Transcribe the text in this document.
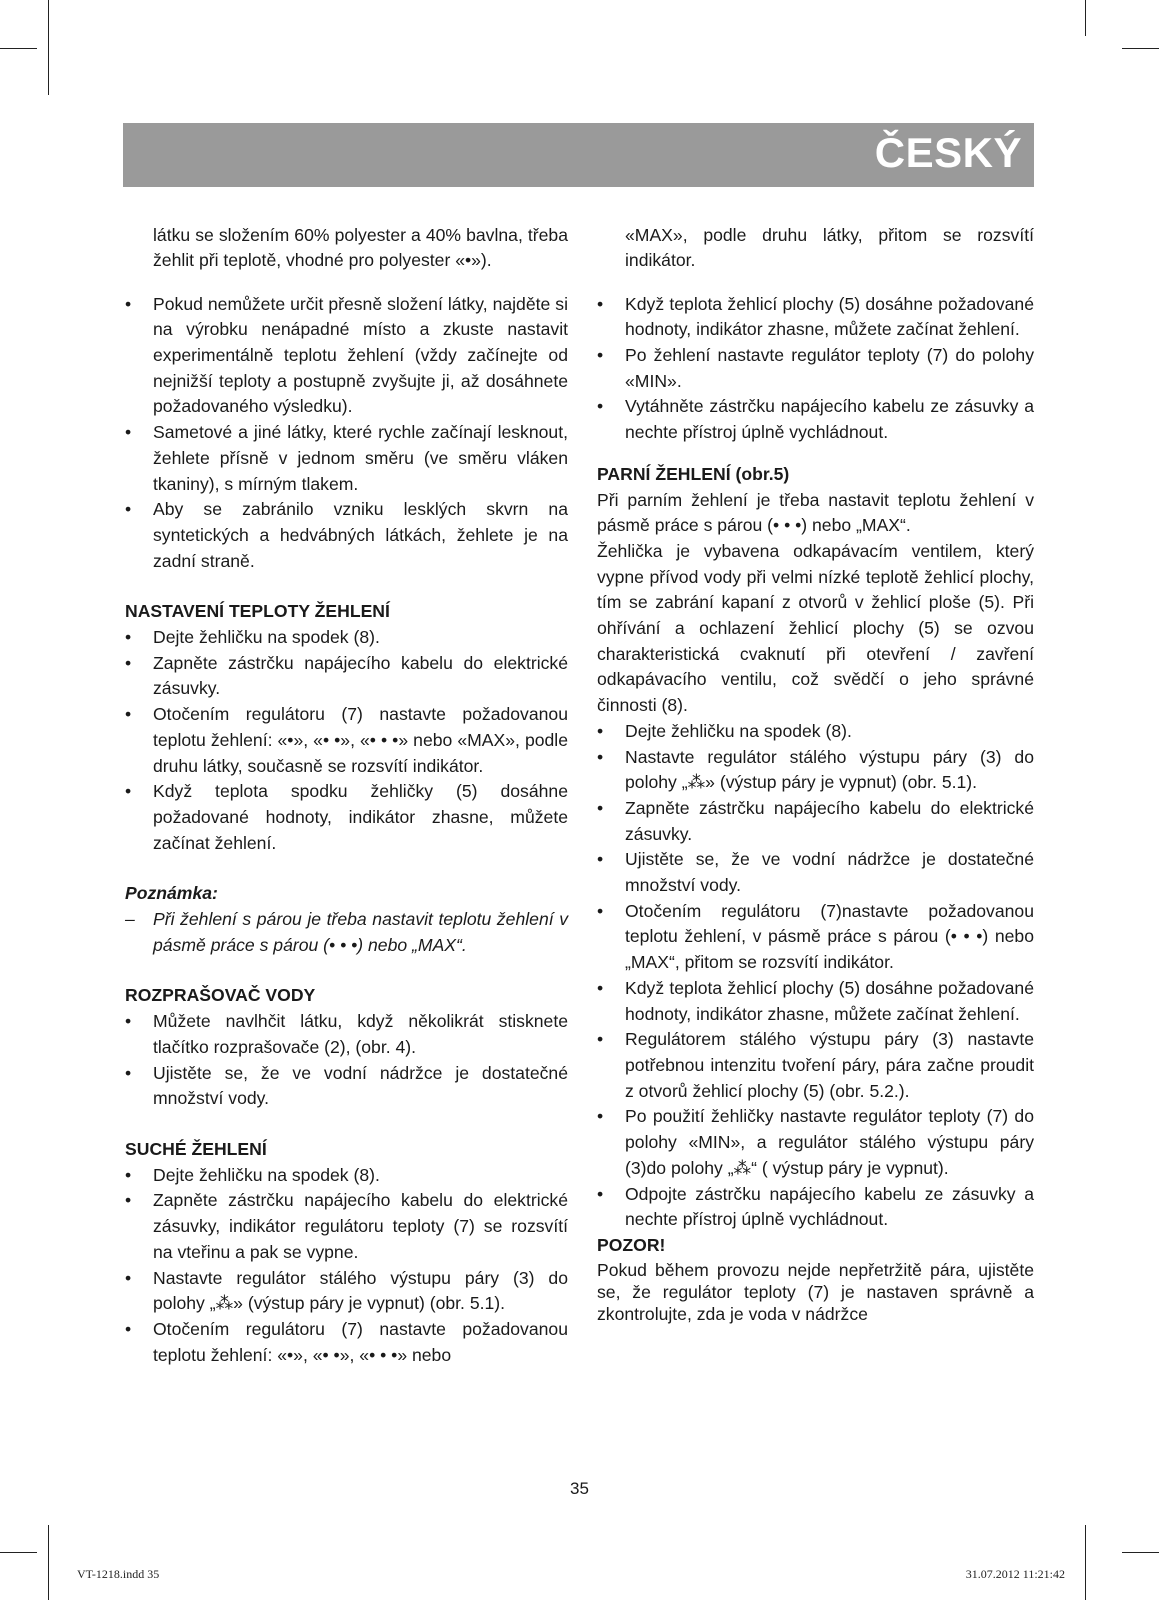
ČESKÝ

látku se složením 60% polyester a 40% bavlna, třeba žehlit při teplotě, vhodné pro polyester «•»).

• Pokud nemůžete určit přesně složení látky, najděte si na výrobku nenápadné místo a zkuste nastavit experimentálně teplotu žehlení (vždy začínejte od nejnižší teploty a postupně zvyšujte ji, až dosáhnete požadovaného výsledku).
• Sametové a jiné látky, které rychle začínají lesknout, žehlete přísně v jednom směru (ve směru vláken tkaniny), s mírným tlakem.
• Aby se zabránilo vzniku lesklých skvrn na syntetických a hedvábných látkách, žehlete je na zadní straně.

NASTAVENÍ TEPLOTY ŽEHLENÍ

• Dejte žehličku na spodek (8).
• Zapněte zástrčku napájecího kabelu do elektrické zásuvky.
• Otočením regulátoru (7) nastavte požadovanou teplotu žehlení: «•», «• •», «• • •» nebo «MAX», podle druhu látky, současně se rozsvítí indikátor.
• Když teplota spodku žehličky (5) dosáhne požadované hodnoty, indikátor zhasne, můžete začínat žehlení.

Poznámka:

– Při žehlení s párou je třeba nastavit teplotu žehlení v pásmě práce s párou (• • •) nebo „MAX“.

ROZPRAŠOVAČ VODY

• Můžete navlhčit látku, když několikrát stisknete tlačítko rozprašovače (2), (obr. 4).
• Ujistěte se, že ve vodní nádržce je dostatečné množství vody.

SUCHÉ ŽEHLENÍ

• Dejte žehličku na spodek (8).
• Zapněte zástrčku napájecího kabelu do elektrické zásuvky, indikátor regulátoru teploty (7) se rozsvítí na vteřinu a pak se vypne.
• Nastavte regulátor stálého výstupu páry (3) do polohy „⁂» (výstup páry je vypnut) (obr. 5.1).
• Otočením regulátoru (7) nastavte požadovanou teplotu žehlení: «•», «• •», «• • •» nebo

«MAX», podle druhu látky, přitom se rozsvítí indikátor.

• Když teplota žehlicí plochy (5) dosáhne požadované hodnoty, indikátor zhasne, můžete začínat žehlení.
• Po žehlení nastavte regulátor teploty (7) do polohy «MIN».
• Vytáhněte zástrčku napájecího kabelu ze zásuvky a nechte přístroj úplně vychládnout.

PARNÍ ŽEHLENÍ (obr.5)

Při parním žehlení je třeba nastavit teplotu žehlení v pásmě práce s párou (• • •) nebo „MAX“.

Žehlička je vybavena odkapávacím ventilem, který vypne přívod vody při velmi nízké teplotě žehlicí plochy, tím se zabrání kapaní z otvorů v žehlicí ploše (5). Při ohřívání a ochlazení žehlicí plochy (5) se ozvou charakteristická cvaknutí při otevření / zavření odkapávacího ventilu, což svědčí o jeho správné činnosti (8).

• Dejte žehličku na spodek (8).
• Nastavte regulátor stálého výstupu páry (3) do polohy „⁂» (výstup páry je vypnut) (obr. 5.1).
• Zapněte zástrčku napájecího kabelu do elektrické zásuvky.
• Ujistěte se, že ve vodní nádržce je dostatečné množství vody.
• Otočením regulátoru (7)nastavte požadovanou teplotu žehlení, v pásmě práce s párou (• • •) nebo „MAX“, přitom se rozsvítí indikátor.
• Když teplota žehlicí plochy (5) dosáhne požadované hodnoty, indikátor zhasne, můžete začínat žehlení.
• Regulátorem stálého výstupu páry (3) nastavte potřebnou intenzitu tvoření páry, pára začne proudit z otvorů žehlicí plochy (5) (obr. 5.2.).
• Po použití žehličky nastavte regulátor teploty (7) do polohy «MIN», a regulátor stálého výstupu páry (3)do polohy „⁂“ ( výstup páry je vypnut).
• Odpojte zástrčku napájecího kabelu ze zásuvky a nechte přístroj úplně vychládnout.

POZOR!

Pokud během provozu nejde nepřetržitě pára, ujistěte se, že regulátor teploty (7) je nastaven správně a zkontrolujte, zda je voda v nádržce

35
VT-1218.indd 35	31.07.2012 11:21:42
